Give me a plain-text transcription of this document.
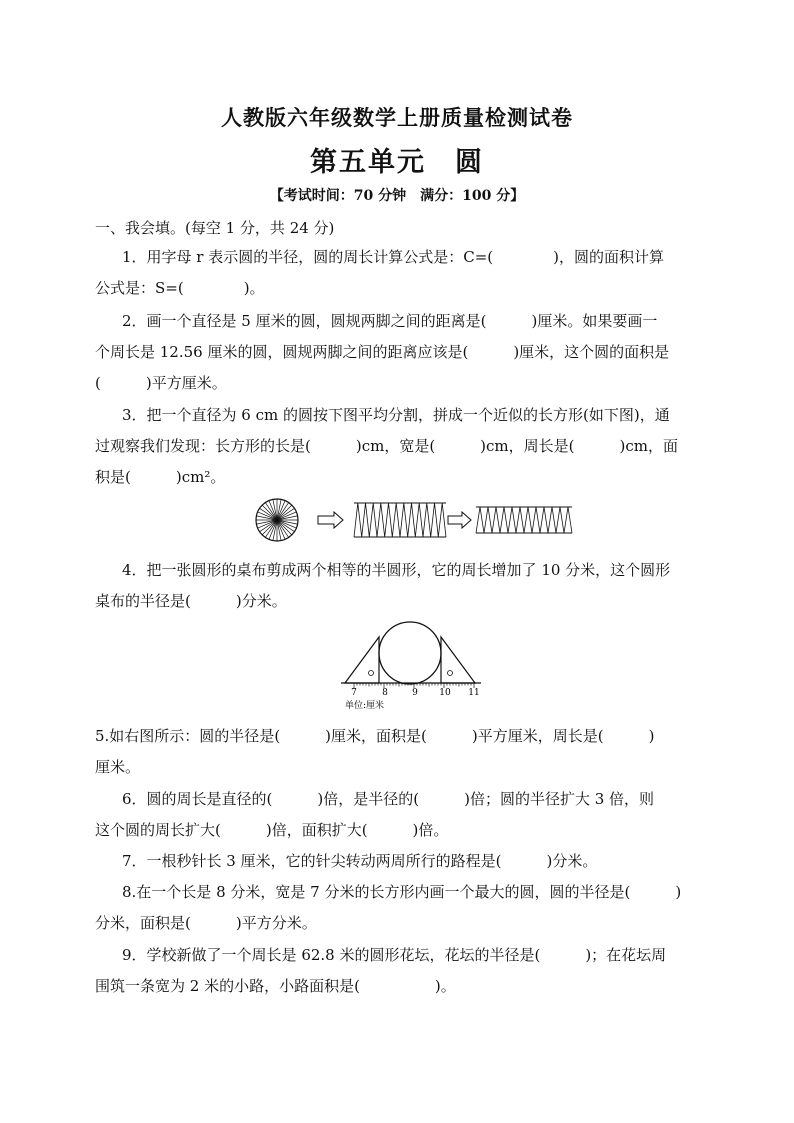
人教版六年级数学上册质量检测试卷
第五单元　圆
【考试时间：70 分钟　满分：100 分】
一、我会填。(每空 1 分，共 24 分)
1．用字母 r 表示圆的半径，圆的周长计算公式是：C=(　　　　)，圆的面积计算
公式是：S=(　　　　)。
2．画一个直径是 5 厘米的圆，圆规两脚之间的距离是(　　　)厘米。如果要画一
个周长是 12.56 厘米的圆，圆规两脚之间的距离应该是(　　　)厘米，这个圆的面积是
(　　　)平方厘米。
3．把一个直径为 6 cm 的圆按下图平均分割，拼成一个近似的长方形(如下图)，通
过观察我们发现：长方形的长是(　　　)cm，宽是(　　　)cm，周长是(　　　)cm，面
积是(　　　)cm²。
4．把一张圆形的桌布剪成两个相等的半圆形，它的周长增加了 10 分米，这个圆形
桌布的半径是(　　　)分米。
7	8	9 10 11
单位:厘米
5.如右图所示：圆的半径是(　　　)厘米，面积是(　　　)平方厘米，周长是(　　　)
厘米。
6．圆的周长是直径的(　　　)倍，是半径的(　　　)倍；圆的半径扩大 3 倍，则
这个圆的周长扩大(　　　)倍，面积扩大(　　　)倍。
7．一根秒针长 3 厘米，它的针尖转动两周所行的路程是(　　　)分米。
8.在一个长是 8 分米，宽是 7 分米的长方形内画一个最大的圆，圆的半径是(　　　)
分米，面积是(　　　)平方分米。
9．学校新做了一个周长是 62.8 米的圆形花坛，花坛的半径是(　　　)；在花坛周
围筑一条宽为 2 米的小路，小路面积是(　　　　　)。
